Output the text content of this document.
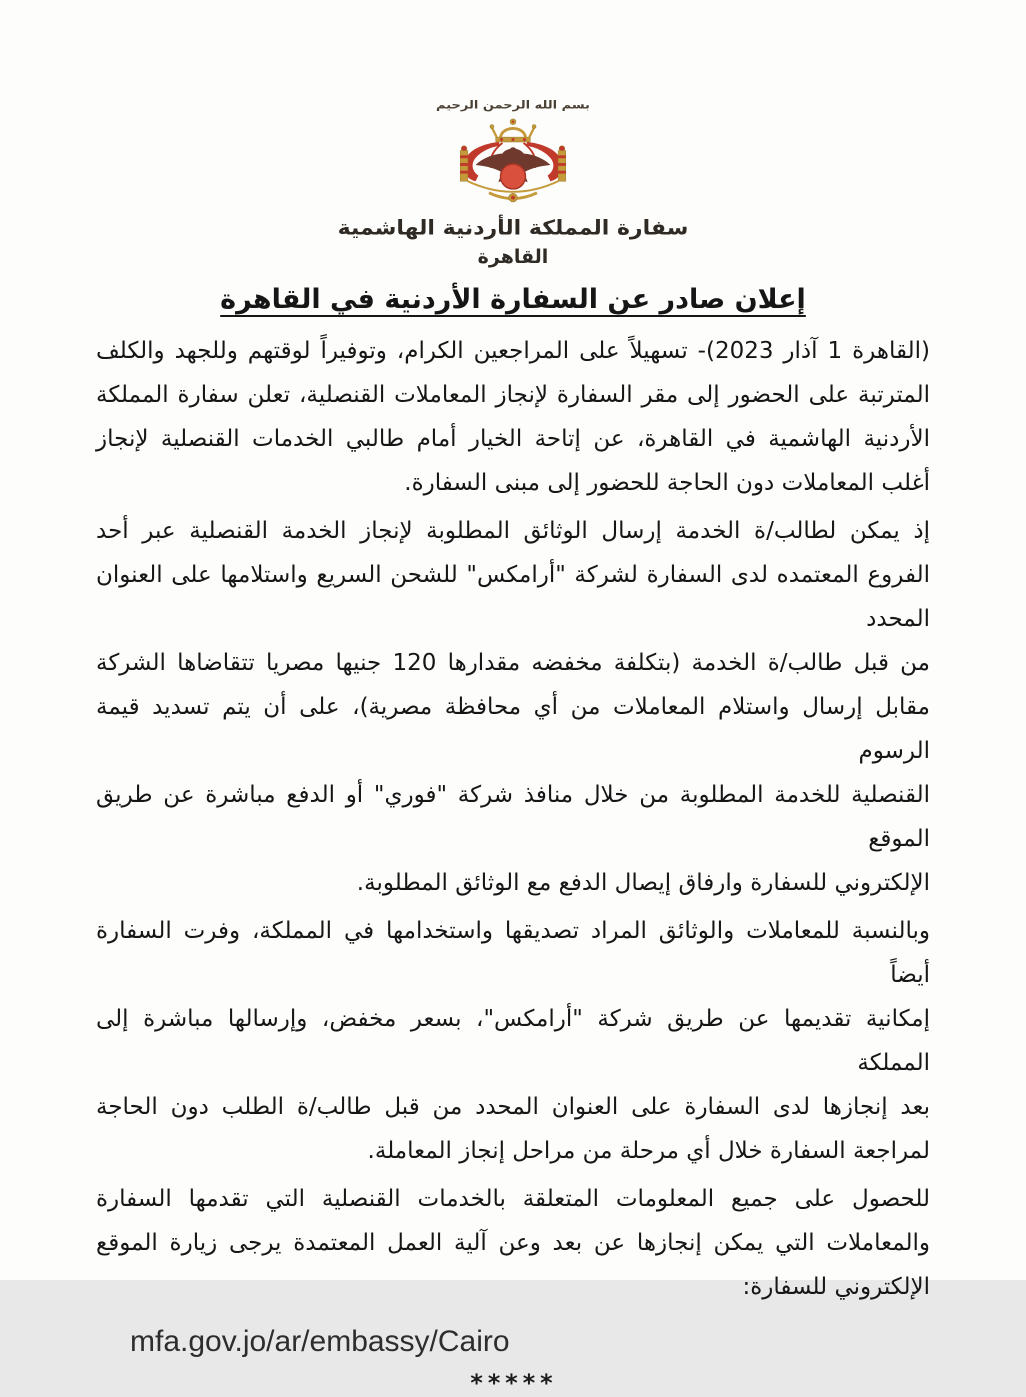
بسم الله الرحمن الرحيم
سفارة المملكة الأردنية الهاشمية
القاهرة
إعلان صادر عن السفارة الأردنية في القاهرة
(القاهرة 1 آذار 2023)- تسهيلاً على المراجعين الكرام، وتوفيراً لوقتهم وللجهد والكلف
المترتبة على الحضور إلى مقر السفارة لإنجاز المعاملات القنصلية، تعلن سفارة المملكة
الأردنية الهاشمية في القاهرة، عن إتاحة الخيار أمام طالبي الخدمات القنصلية لإنجاز
أغلب المعاملات دون الحاجة للحضور إلى مبنى السفارة.
إذ يمكن لطالب/ة الخدمة إرسال الوثائق المطلوبة لإنجاز الخدمة القنصلية عبر أحد
الفروع المعتمده لدى السفارة لشركة "أرامكس" للشحن السريع واستلامها على العنوان المحدد
من قبل طالب/ة الخدمة (بتكلفة مخفضه مقدارها 120 جنيها مصريا تتقاضاها الشركة
مقابل إرسال واستلام المعاملات من أي محافظة مصرية)، على أن يتم تسديد قيمة الرسوم
القنصلية للخدمة المطلوبة من خلال منافذ شركة "فوري" أو الدفع مباشرة عن طريق الموقع
الإلكتروني للسفارة وارفاق إيصال الدفع مع الوثائق المطلوبة.
وبالنسبة للمعاملات والوثائق المراد تصديقها واستخدامها في المملكة، وفرت السفارة أيضاً
إمكانية تقديمها عن طريق شركة "أرامكس"، بسعر مخفض، وإرسالها مباشرة إلى المملكة
بعد إنجازها لدى السفارة على العنوان المحدد من قبل طالب/ة الطلب دون الحاجة
لمراجعة السفارة خلال أي مرحلة من مراحل إنجاز المعاملة.
للحصول على جميع المعلومات المتعلقة بالخدمات القنصلية التي تقدمها السفارة
والمعاملات التي يمكن إنجازها عن بعد وعن آلية العمل المعتمدة يرجى زيارة الموقع
الإلكتروني للسفارة:
mfa.gov.jo/ar/embassy/Cairo
*****
